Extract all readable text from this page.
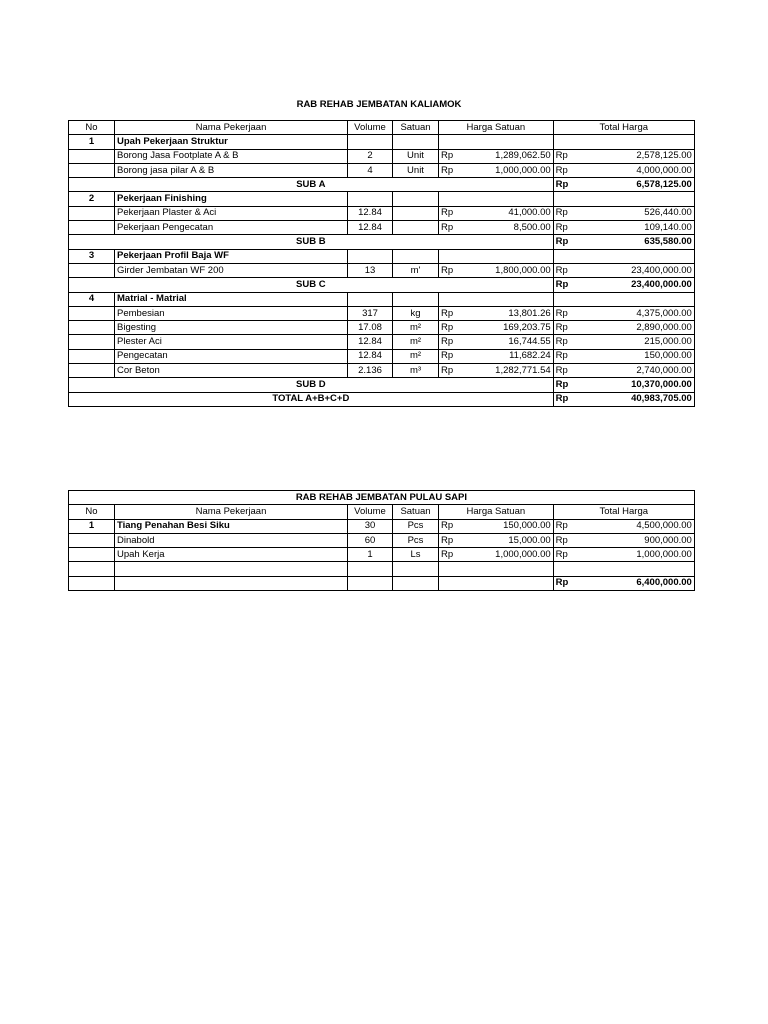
RAB REHAB JEMBATAN KALIAMOK
No	Nama Pekerjaan	Volume	Satuan	Harga Satuan		Total Harga	
1	Upah Pekerjaan Struktur						
	Borong Jasa Footplate A & B	2	Unit	Rp	1,289,062.50	Rp	2,578,125.00
	Borong jasa pilar A & B	4	Unit	Rp	1,000,000.00	Rp	4,000,000.00
SUB A						Rp	6,578,125.00
2	Pekerjaan Finishing						
	Pekerjaan Plaster & Aci	12.84		Rp	41,000.00	Rp	526,440.00
	Pekerjaan Pengecatan	12.84		Rp	8,500.00	Rp	109,140.00
SUB B						Rp	635,580.00
3	Pekerjaan Profil Baja WF						
	Girder Jembatan WF 200	13	m'	Rp	1,800,000.00	Rp	23,400,000.00
SUB C						Rp	23,400,000.00
4	Matrial - Matrial						
	Pembesian	317	kg	Rp	13,801.26	Rp	4,375,000.00
	Bigesting	17.08	m²	Rp	169,203.75	Rp	2,890,000.00
	Plester Aci	12.84	m²	Rp	16,744.55	Rp	215,000.00
	Pengecatan	12.84	m²	Rp	11,682.24	Rp	150,000.00
	Cor Beton	2.136	m³	Rp	1,282,771.54	Rp	2,740,000.00
SUB D						Rp	10,370,000.00
TOTAL A+B+C+D						Rp	40,983,705.00
RAB REHAB JEMBATAN PULAU SAPI							
No	Nama Pekerjaan	Volume	Satuan	Harga Satuan		Total Harga	
1	Tiang Penahan Besi Siku	30	Pcs	Rp	150,000.00	Rp	4,500,000.00
	Dinabold	60	Pcs	Rp	15,000.00	Rp	900,000.00
	Upah Kerja	1	Ls	Rp	1,000,000.00	Rp	1,000,000.00

						Rp	6,400,000.00
